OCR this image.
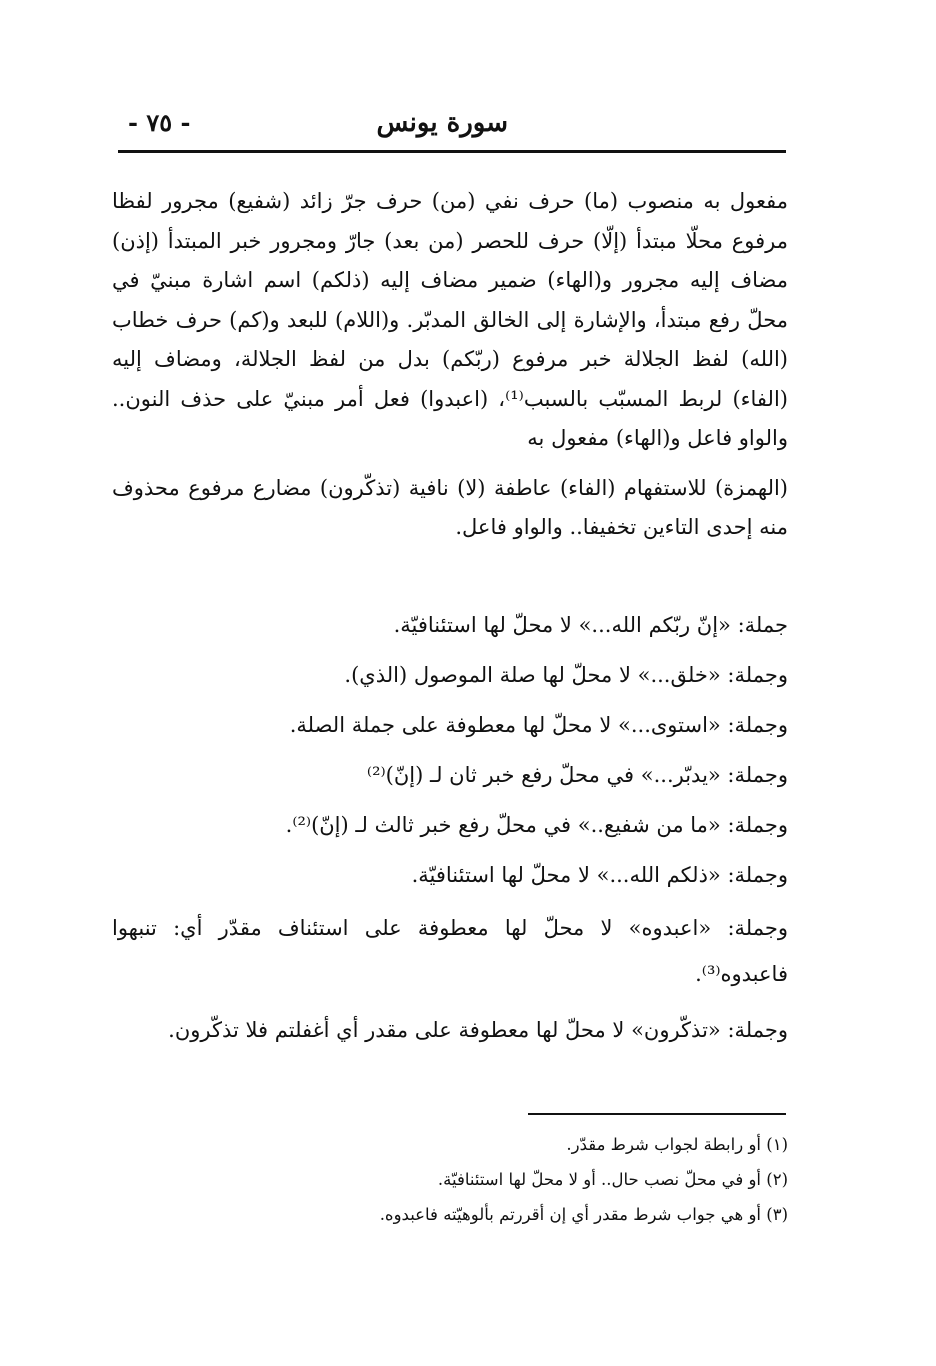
سورة يونس
- ٧٥ -

مفعول به منصوب (ما) حرف نفي (من) حرف جرّ زائد (شفيع) مجرور لفظا مرفوع محلّا مبتدأ (إلّا) حرف للحصر (من بعد) جارّ ومجرور خبر المبتدأ (إذن) مضاف إليه مجرور و(الهاء) ضمير مضاف إليه (ذلكم) اسم اشارة مبنيّ في محلّ رفع مبتدأ، والإشارة إلى الخالق المدبّر. و(اللام) للبعد و(كم) حرف خطاب (الله) لفظ الجلالة خبر مرفوع (ربّكم) بدل من لفظ الجلالة، ومضاف إليه (الفاء) لربط المسبّب بالسبب⁽¹⁾، (اعبدوا) فعل أمر مبنيّ على حذف النون.. والواو فاعل و(الهاء) مفعول به

(الهمزة) للاستفهام (الفاء) عاطفة (لا) نافية (تذكّرون) مضارع مرفوع محذوف منه إحدى التاءين تخفيفا.. والواو فاعل.

جملة: «إنّ ربّكم الله...» لا محلّ لها استئنافيّة.

وجملة: «خلق...» لا محلّ لها صلة الموصول (الذي).

وجملة: «استوى...» لا محلّ لها معطوفة على جملة الصلة.

وجملة: «يدبّر...» في محلّ رفع خبر ثان لـ (إنّ)⁽²⁾

وجملة: «ما من شفيع..» في محلّ رفع خبر ثالث لـ (إنّ)⁽²⁾.

وجملة: «ذلكم الله...» لا محلّ لها استئنافيّة.

وجملة: «اعبدوه» لا محلّ لها معطوفة على استئناف مقدّر أي: تنبهوا فاعبدوه⁽³⁾.

وجملة: «تذكّرون» لا محلّ لها معطوفة على مقدر أي أغفلتم فلا تذكّرون.

(١) أو رابطة لجواب شرط مقدّر.

(٢) أو في محلّ نصب حال.. أو لا محلّ لها استئنافيّة.

(٣) أو هي جواب شرط مقدر أي إن أقررتم بألوهيّته فاعبدوه.
